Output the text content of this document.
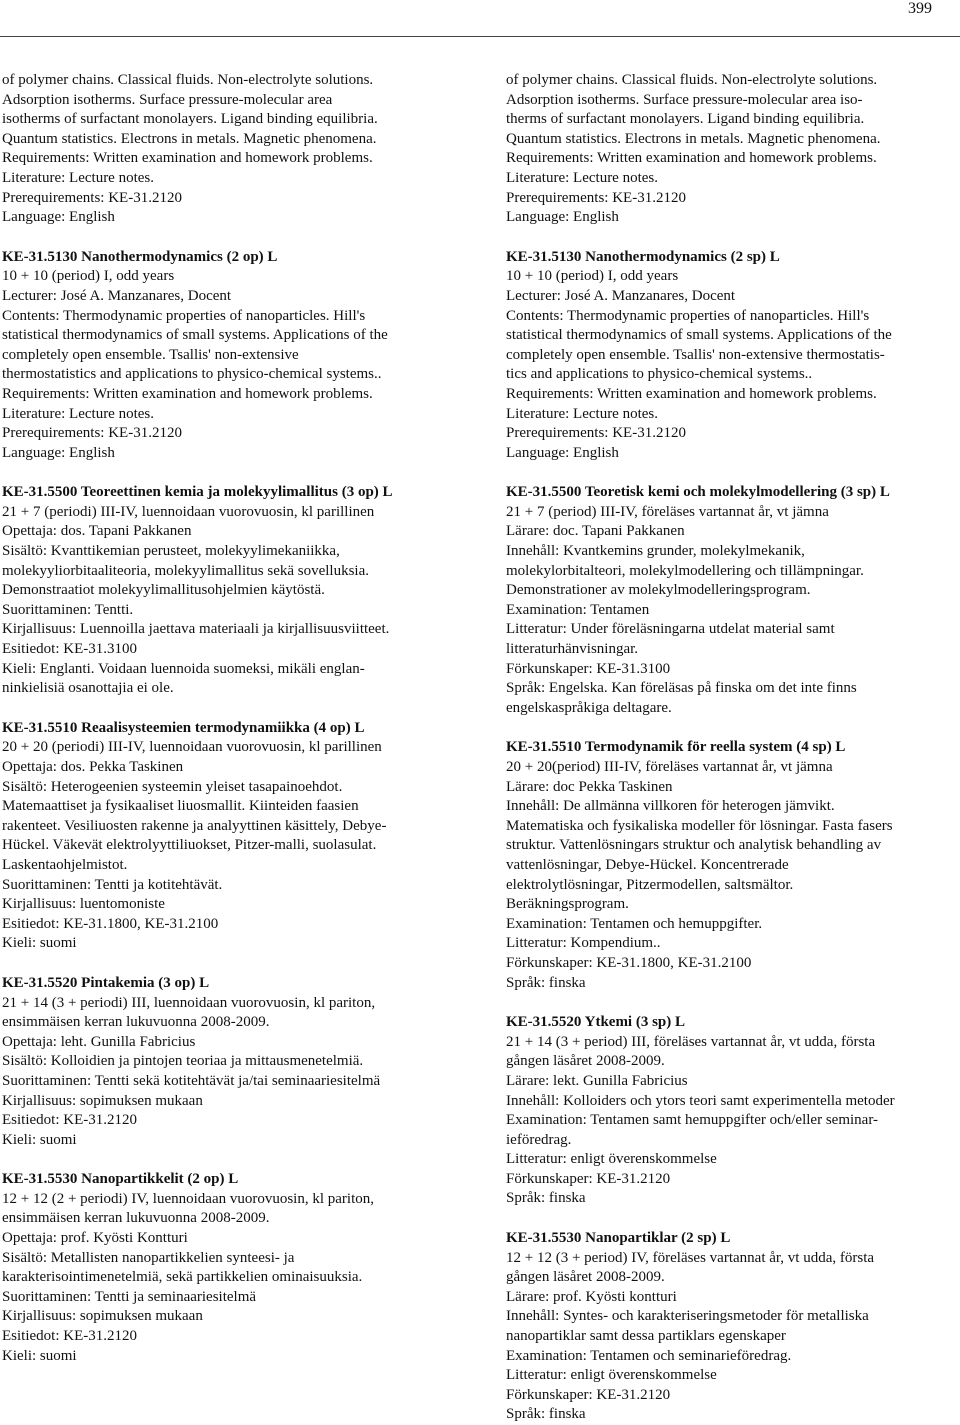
399
of polymer chains. Classical fluids. Non-electrolyte solutions.
Adsorption isotherms. Surface pressure-molecular area
isotherms of surfactant monolayers. Ligand binding equilibria.
Quantum statistics. Electrons in metals. Magnetic phenomena.
Requirements: Written examination and homework problems.
Literature: Lecture notes.
Prerequirements: KE-31.2120
Language: English
KE-31.5130 Nanothermodynamics (2 op) L
10 + 10 (period) I, odd years
Lecturer: José A. Manzanares, Docent
Contents: Thermodynamic properties of nanoparticles. Hill's
statistical thermodynamics of small systems. Applications of the
completely open ensemble. Tsallis' non-extensive
thermostatistics and applications to physico-chemical systems..
Requirements: Written examination and homework problems.
Literature: Lecture notes.
Prerequirements: KE-31.2120
Language: English
KE-31.5500 Teoreettinen kemia ja molekyylimallitus (3 op) L
21 + 7 (periodi) III-IV, luennoidaan vuorovuosin, kl parillinen
Opettaja: dos. Tapani Pakkanen
Sisältö: Kvanttikemian perusteet, molekyylimekaniikka,
molekyyliorbitaaliteoria, molekyylimallitus sekä sovelluksia.
Demonstraatiot molekyylimallitusohjelmien käytöstä.
Suorittaminen: Tentti.
Kirjallisuus: Luennoilla jaettava materiaali ja kirjallisuusviitteet.
Esitiedot: KE-31.3100
Kieli: Englanti. Voidaan luennoida suomeksi, mikäli englan-
ninkielisiä osanottajia ei ole.
KE-31.5510 Reaalisysteemien termodynamiikka (4 op) L
20 + 20 (periodi) III-IV, luennoidaan vuorovuosin, kl parillinen
Opettaja: dos. Pekka Taskinen
Sisältö: Heterogeenien systeemin yleiset tasapainoehdot.
Matemaattiset ja fysikaaliset liuosmallit. Kiinteiden faasien
rakenteet. Vesiliuosten rakenne ja analyyttinen käsittely, Debye-
Hückel. Väkevät elektrolyyttiliuokset, Pitzer-malli, suolasulat.
Laskentaohjelmistot.
Suorittaminen: Tentti ja kotitehtävät.
Kirjallisuus: luentomoniste
Esitiedot: KE-31.1800, KE-31.2100
Kieli: suomi
KE-31.5520 Pintakemia (3 op) L
21 + 14 (3 + periodi) III, luennoidaan vuorovuosin, kl pariton,
ensimmäisen kerran lukuvuonna 2008-2009.
Opettaja: leht. Gunilla Fabricius
Sisältö: Kolloidien ja pintojen teoriaa ja mittausmenetelmiä.
Suorittaminen: Tentti sekä kotitehtävät ja/tai seminaariesitelmä
Kirjallisuus: sopimuksen mukaan
Esitiedot: KE-31.2120
Kieli: suomi
KE-31.5530 Nanopartikkelit (2 op) L
12 + 12 (2 + periodi) IV, luennoidaan vuorovuosin, kl pariton,
ensimmäisen kerran lukuvuonna 2008-2009.
Opettaja: prof. Kyösti Kontturi
Sisältö: Metallisten nanopartikkelien synteesi- ja
karakterisointimenetelmiä, sekä partikkelien ominaisuuksia.
Suorittaminen: Tentti ja seminaariesitelmä
Kirjallisuus: sopimuksen mukaan
Esitiedot: KE-31.2120
Kieli: suomi
of polymer chains. Classical fluids. Non-electrolyte solutions.
Adsorption isotherms. Surface pressure-molecular area iso-
therms of surfactant monolayers. Ligand binding equilibria.
Quantum statistics. Electrons in metals. Magnetic phenomena.
Requirements: Written examination and homework problems.
Literature: Lecture notes.
Prerequirements: KE-31.2120
Language: English
KE-31.5130 Nanothermodynamics (2 sp) L
10 + 10 (period) I, odd years
Lecturer: José A. Manzanares, Docent
Contents: Thermodynamic properties of nanoparticles. Hill's
statistical thermodynamics of small systems. Applications of the
completely open ensemble. Tsallis' non-extensive thermostatis-
tics and applications to physico-chemical systems..
Requirements: Written examination and homework problems.
Literature: Lecture notes.
Prerequirements: KE-31.2120
Language: English
KE-31.5500 Teoretisk kemi och molekylmodellering (3 sp) L
21 + 7 (period) III-IV, föreläses vartannat år, vt jämna
Lärare: doc. Tapani Pakkanen
Innehåll: Kvantkemins grunder, molekylmekanik,
molekylorbitalteori, molekylmodellering och tillämpningar.
Demonstrationer av molekylmodelleringsprogram.
Examination: Tentamen
Litteratur: Under föreläsningarna utdelat material samt
litteraturhänvisningar.
Förkunskaper: KE-31.3100
Språk: Engelska. Kan föreläsas på finska om det inte finns
engelskaspråkiga deltagare.
KE-31.5510 Termodynamik för reella system (4 sp) L
20 + 20(period) III-IV, föreläses vartannat år, vt jämna
Lärare: doc Pekka Taskinen
Innehåll: De allmänna villkoren för heterogen jämvikt.
Matematiska och fysikaliska modeller för lösningar. Fasta fasers
struktur. Vattenlösningars struktur och analytisk behandling av
vattenlösningar, Debye-Hückel. Koncentrerade
elektrolytlösningar, Pitzermodellen, saltsmältor.
Beräkningsprogram.
Examination: Tentamen och hemuppgifter.
Litteratur: Kompendium..
Förkunskaper: KE-31.1800, KE-31.2100
Språk: finska
KE-31.5520 Ytkemi (3 sp) L
21 + 14 (3 + period) III, föreläses vartannat år, vt udda, första
gången läsåret 2008-2009.
Lärare: lekt. Gunilla Fabricius
Innehåll: Kolloiders och ytors teori samt experimentella metoder
Examination: Tentamen samt hemuppgifter och/eller seminar-
ieföredrag.
Litteratur: enligt överenskommelse
Förkunskaper: KE-31.2120
Språk: finska
KE-31.5530 Nanopartiklar (2 sp) L
12 + 12 (3 + period) IV, föreläses vartannat år, vt udda, första
gången läsåret 2008-2009.
Lärare: prof. Kyösti kontturi
Innehåll: Syntes- och karakteriseringsmetoder för metalliska
nanopartiklar samt dessa partiklars egenskaper
Examination: Tentamen och seminarieföredrag.
Litteratur: enligt överenskommelse
Förkunskaper: KE-31.2120
Språk: finska
